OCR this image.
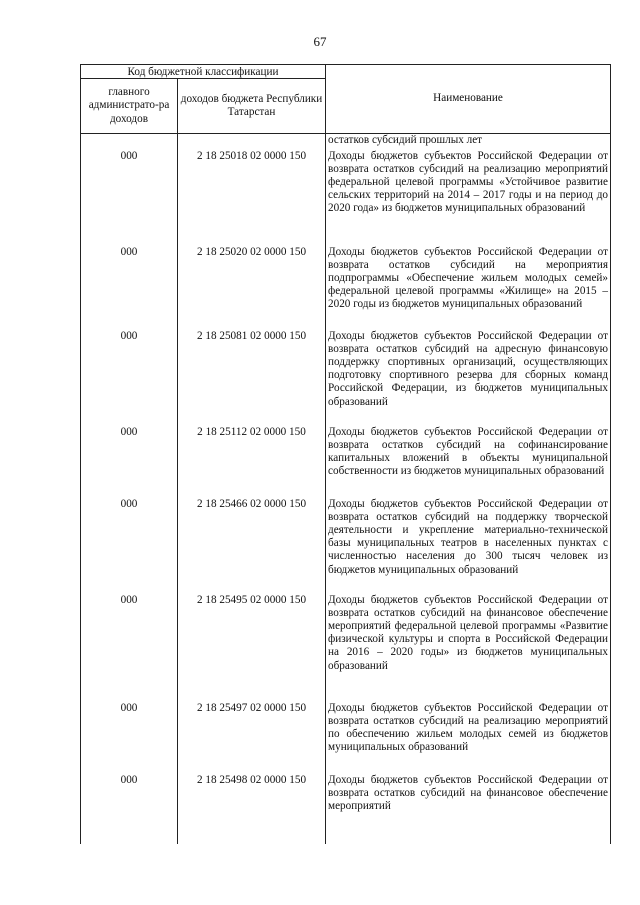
67
Код бюджетной классификации		Наименование
главного администрато-ра доходов	доходов бюджета Республики Татарстан	
		остатков субсидий прошлых лет
000	2 18 25018 02 0000 150	Доходы бюджетов субъектов Российской Федерации от возврата остатков субсидий на реализацию мероприятий федеральной целевой программы «Устойчивое развитие сельских территорий на 2014 – 2017 годы и на период до 2020 года» из бюджетов муниципальных образований
000	2 18 25020 02 0000 150	Доходы бюджетов субъектов Российской Федерации от возврата остатков субсидий на мероприятия подпрограммы «Обеспечение жильем молодых семей» федеральной целевой программы «Жилище» на 2015 – 2020 годы из бюджетов муниципальных образований
000	2 18 25081 02 0000 150	Доходы бюджетов субъектов Российской Федерации от возврата остатков субсидий на адресную финансовую поддержку спортивных организаций, осуществляющих подготовку спортивного резерва для сборных команд Российской Федерации, из бюджетов муниципальных образований
000	2 18 25112 02 0000 150	Доходы бюджетов субъектов Российской Федерации от возврата остатков субсидий на софинансирование капитальных вложений в объекты муниципальной собственности из бюджетов муниципальных образований
000	2 18 25466 02 0000 150	Доходы бюджетов субъектов Российской Федерации от возврата остатков субсидий на поддержку творческой деятельности и укрепление материально-технической базы муниципальных театров в населенных пунктах с численностью населения до 300 тысяч человек из бюджетов муниципальных образований
000	2 18 25495 02 0000 150	Доходы бюджетов субъектов Российской Федерации от возврата остатков субсидий на финансовое обеспечение мероприятий федеральной целевой программы «Развитие физической культуры и спорта в Российской Федерации на 2016 – 2020 годы» из бюджетов муниципальных образований
000	2 18 25497 02 0000 150	Доходы бюджетов субъектов Российской Федерации от возврата остатков субсидий на реализацию мероприятий по обеспечению жильем молодых семей из бюджетов муниципальных образований
000	2 18 25498 02 0000 150	Доходы бюджетов субъектов Российской Федерации от возврата остатков субсидий на финансовое обеспечение мероприятий
